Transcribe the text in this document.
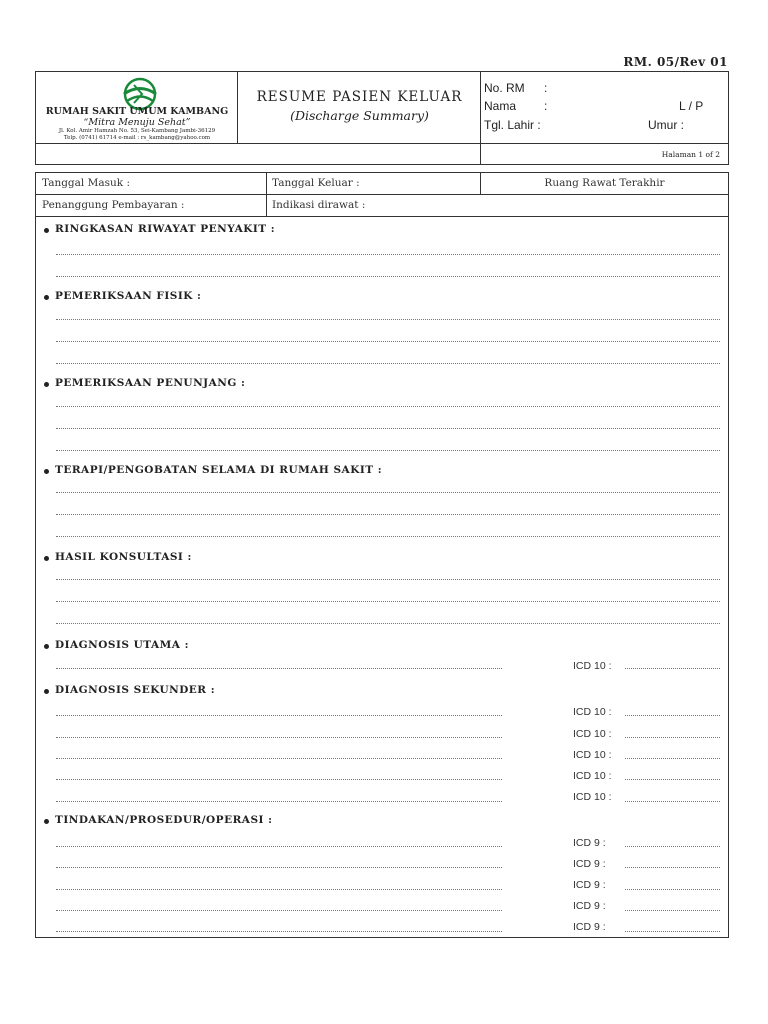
RM. 05/Rev 01
RUMAH SAKIT UMUM KAMBANG
“Mitra Menuju Sehat”
Jl. Kol. Amir Hamzah No. 53, Sei-Kambang Jambi-36129
Telp. (0741) 61714 e-mail : rs_kambang@yahoo.com
RESUME PASIEN KELUAR
(Discharge Summary)
No. RM :
Nama :	L / P
Tgl. Lahir :	Umur :
Halaman 1 of 2
Tanggal Masuk :	Tanggal Keluar :	Ruang Rawat Terakhir
Penanggung Pembayaran :	Indikasi dirawat :
RINGKASAN RIWAYAT PENYAKIT :
PEMERIKSAAN FISIK :
PEMERIKSAAN PENUNJANG :
TERAPI/PENGOBATAN SELAMA DI RUMAH SAKIT :
HASIL KONSULTASI :
DIAGNOSIS UTAMA :
ICD 10 :
DIAGNOSIS SEKUNDER :
ICD 10 :
ICD 10 :
ICD 10 :
ICD 10 :
ICD 10 :
TINDAKAN/PROSEDUR/OPERASI :
ICD 9 :
ICD 9 :
ICD 9 :
ICD 9 :
ICD 9 :
